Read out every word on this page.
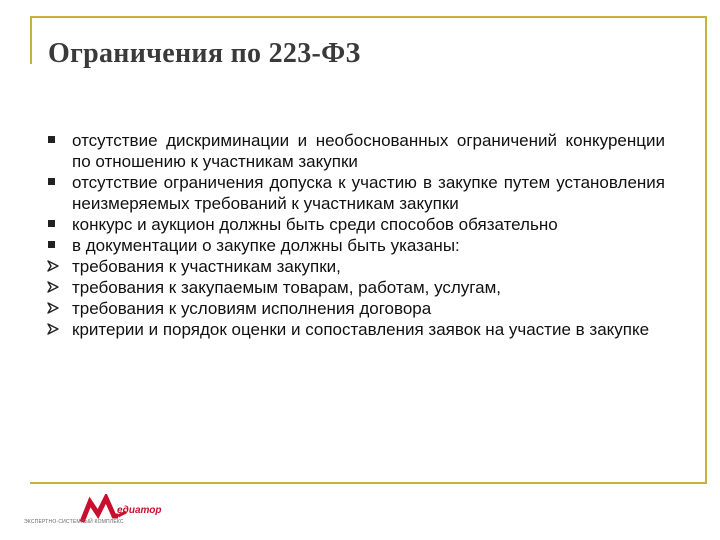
Ограничения по 223-ФЗ
отсутствие дискриминации и необоснованных ограничений конкуренции по отношению к участникам закупки
отсутствие ограничения допуска к участию в закупке путем установления неизмеряемых требований к участникам закупки
конкурс и аукцион должны быть среди способов обязательно
в документации о закупке должны быть указаны:
требования к участникам закупки,
требования к закупаемым товарам, работам, услугам,
требования к условиям исполнения договора
критерии и порядок оценки и сопоставления заявок на участие в закупке
едиатор
ЭКСПЕРТНО-СИСТЕМНЫЙ КОМПЛЕКС
